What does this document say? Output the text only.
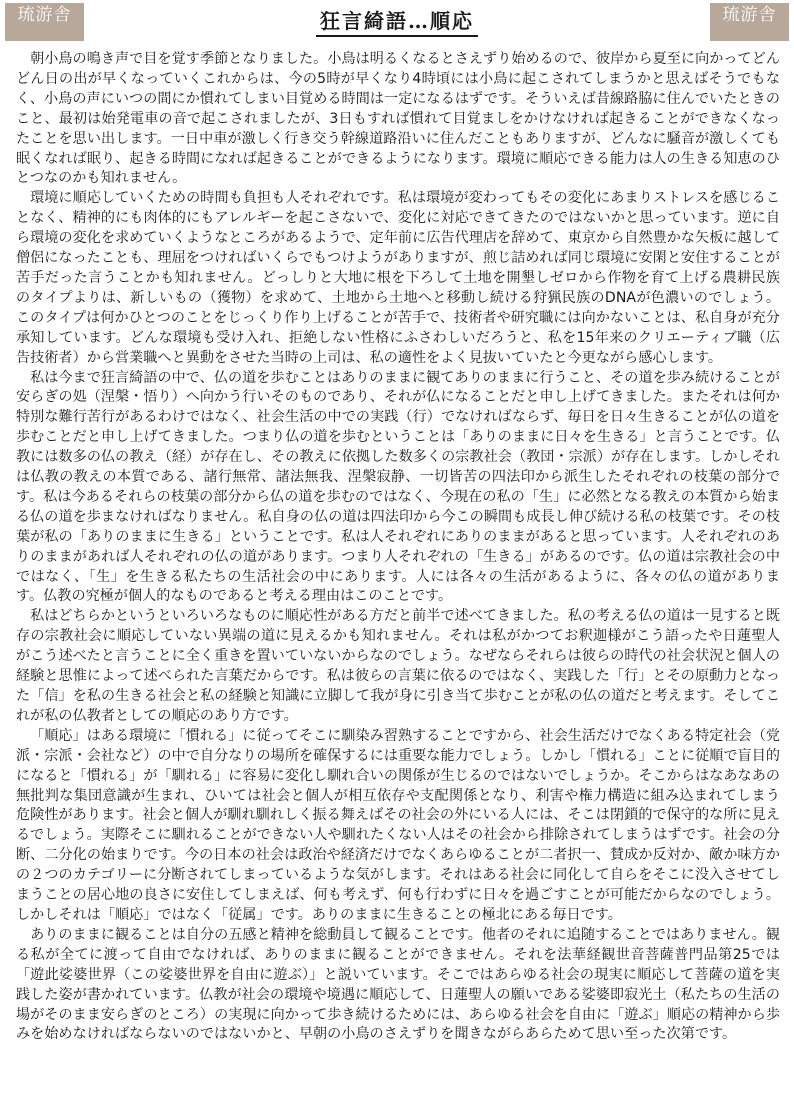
琉游舎	狂言綺語…順応	琉游舎

朝小鳥の鳴き声で目を覚す季節となりました。小鳥は明るくなるとさえずり始めるので、彼岸から夏至に向かってどんどん日の出が早くなっていくこれからは、今の5時が早くなり4時頃には小鳥に起こされてしまうかと思えばそうでもなく、小鳥の声にいつの間にか慣れてしまい目覚める時間は一定になるはずです。そういえば昔線路脇に住んでいたときのこと、最初は始発電車の音で起こされましたが、3日もすれば慣れて目覚ましをかけなければ起きることができなくなったことを思い出します。一日中車が激しく行き交う幹線道路沿いに住んだこともありますが、どんなに騒音が激しくても眠くなれば眠り、起きる時間になれば起きることができるようになります。環境に順応できる能力は人の生きる知恵のひとつなのかも知れません。

環境に順応していくための時間も負担も人それぞれです。私は環境が変わってもその変化にあまりストレスを感じることなく、精神的にも肉体的にもアレルギーを起こさないで、変化に対応できてきたのではないかと思っています。逆に自ら環境の変化を求めていくようなところがあるようで、定年前に広告代理店を辞めて、東京から自然豊かな矢板に越して僧侶になったことも、理屈をつければいくらでもつけようがありますが、煎じ詰めれば同じ環境に安閑と安住することが苦手だった言うことかも知れません。どっしりと大地に根を下ろして土地を開墾しゼロから作物を育て上げる農耕民族のタイプよりは、新しいもの（獲物）を求めて、土地から土地へと移動し続ける狩猟民族のDNAが色濃いのでしょう。このタイプは何かひとつのことをじっくり作り上げることが苦手で、技術者や研究職には向かないことは、私自身が充分承知しています。どんな環境も受け入れ、拒絶しない性格にふさわしいだろうと、私を15年来のクリエーティブ職（広告技術者）から営業職へと異動をさせた当時の上司は、私の適性をよく見抜いていたと今更ながら感心します。

私は今まで狂言綺語の中で、仏の道を歩むことはありのままに観てありのままに行うこと、その道を歩み続けることが安らぎの処（涅槃・悟り）へ向かう行いそのものであり、それが仏になることだと申し上げてきました。またそれは何か特別な難行苦行があるわけではなく、社会生活の中での実践（行）でなければならず、毎日を日々生きることが仏の道を歩むことだと申し上げてきました。つまり仏の道を歩むということは「ありのままに日々を生きる」と言うことです。仏教には数多の仏の教え（経）が存在し、その教えに依拠した数多くの宗教社会（教団・宗派）が存在します。しかしそれは仏教の教えの本質である、諸行無常、諸法無我、涅槃寂静、一切皆苦の四法印から派生したそれぞれの枝葉の部分です。私は今あるそれらの枝葉の部分から仏の道を歩むのではなく、今現在の私の「生」に必然となる教えの本質から始まる仏の道を歩まなければなりません。私自身の仏の道は四法印から今この瞬間も成長し伸び続ける私の枝葉です。その枝葉が私の「ありのままに生きる」ということです。私は人それぞれにありのままがあると思っています。人それぞれのありのままがあれば人それぞれの仏の道があります。つまり人それぞれの「生きる」があるのです。仏の道は宗教社会の中ではなく、「生」を生きる私たちの生活社会の中にあります。人には各々の生活があるように、各々の仏の道があります。仏教の究極が個人的なものであると考える理由はこのことです。

私はどちらかというといろいろなものに順応性がある方だと前半で述べてきました。私の考える仏の道は一見すると既存の宗教社会に順応していない異端の道に見えるかも知れません。それは私がかつてお釈迦様がこう語ったや日蓮聖人がこう述べたと言うことに全く重きを置いていないからなのでしょう。なぜならそれらは彼らの時代の社会状況と個人の経験と思惟によって述べられた言葉だからです。私は彼らの言葉に依るのではなく、実践した「行」とその原動力となった「信」を私の生きる社会と私の経験と知識に立脚して我が身に引き当て歩むことが私の仏の道だと考えます。そしてこれが私の仏教者としての順応のあり方です。

「順応」はある環境に「慣れる」に従ってそこに馴染み習熟することですから、社会生活だけでなくある特定社会（党派・宗派・会社など）の中で自分なりの場所を確保するには重要な能力でしょう。しかし「慣れる」ことに従順で盲目的になると「慣れる」が「馴れる」に容易に変化し馴れ合いの関係が生じるのではないでしょうか。そこからはなあなあの無批判な集団意識が生まれ、ひいては社会と個人が相互依存や支配関係となり、利害や権力構造に組み込まれてしまう危険性があります。社会と個人が馴れ馴れしく振る舞えばその社会の外にいる人には、そこは閉鎖的で保守的な所に見えるでしょう。実際そこに馴れることができない人や馴れたくない人はその社会から排除されてしまうはずです。社会の分断、二分化の始まりです。今の日本の社会は政治や経済だけでなくあらゆることが二者択一、賛成か反対か、敵か味方かの２つのカテゴリーに分断されてしまっているような気がします。それはある社会に同化して自らをそこに没入させてしまうことの居心地の良さに安住してしまえば、何も考えず、何も行わずに日々を過ごすことが可能だからなのでしょう。しかしそれは「順応」ではなく「従属」です。ありのままに生きることの極北にある毎日です。

ありのままに観ることは自分の五感と精神を総動員して観ることです。他者のそれに追随することではありません。観る私が全てに渡って自由でなければ、ありのままに観ることができません。それを法華経観世音菩薩普門品第25では「遊此娑婆世界（この娑婆世界を自由に遊ぶ）」と説いています。そこではあらゆる社会の現実に順応して菩薩の道を実践した姿が書かれています。仏教が社会の環境や境遇に順応して、日蓮聖人の願いである娑婆即寂光土（私たちの生活の場がそのまま安らぎのところ）の実現に向かって歩き続けるためには、あらゆる社会を自由に「遊ぶ」順応の精神から歩みを始めなければならないのではないかと、早朝の小鳥のさえずりを聞きながらあらためて思い至った次第です。
